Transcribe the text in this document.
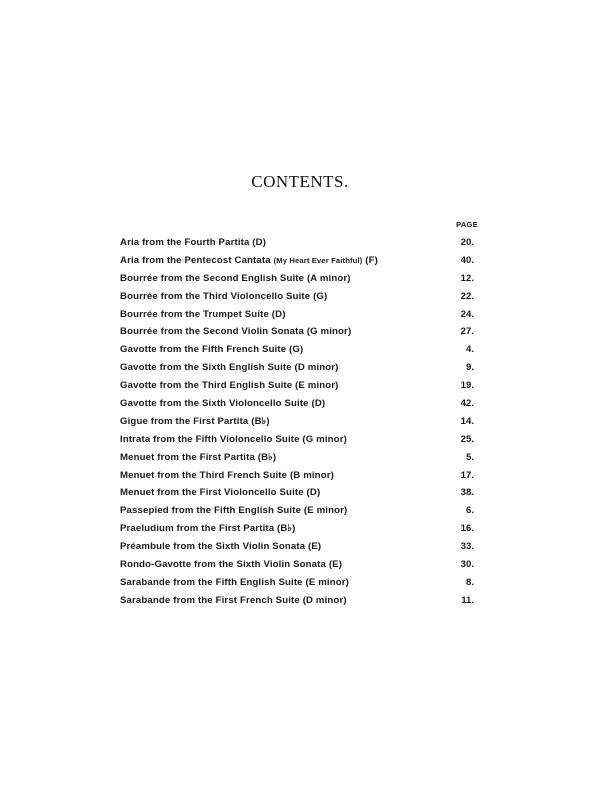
CONTENTS.
PAGE
Aria from the Fourth Partita (D)	20.
Aria from the Pentecost Cantata (My Heart Ever Faithful) (F)	40.
Bourrée from the Second English Suite (A minor)	12.
Bourrée from the Third Violoncello Suite (G)	22.
Bourrée from the Trumpet Suite (D)	24.
Bourrée from the Second Violin Sonata (G minor)	27.
Gavotte from the Fifth French Suite (G)	4.
Gavotte from the Sixth English Suite (D minor)	9.
Gavotte from the Third English Suite (E minor)	19.
Gavotte from the Sixth Violoncello Suite (D)	42.
Gigue from the First Partita (B♭)	14.
Intrata from the Fifth Violoncello Suite (G minor)	25.
Menuet from the First Partita (B♭)	5.
Menuet from the Third French Suite (B minor)	17.
Menuet from the First Violoncello Suite (D)	38.
Passepied from the Fifth English Suite (E minor)	6.
Praeludium from the First Partita (B♭)	16.
Préambule from the Sixth Violin Sonata (E)	33.
Rondo-Gavotte from the Sixth Violin Sonata (E)	30.
Sarabande from the Fifth English Suite (E minor)	8.
Sarabande from the First French Suite (D minor)	11.
